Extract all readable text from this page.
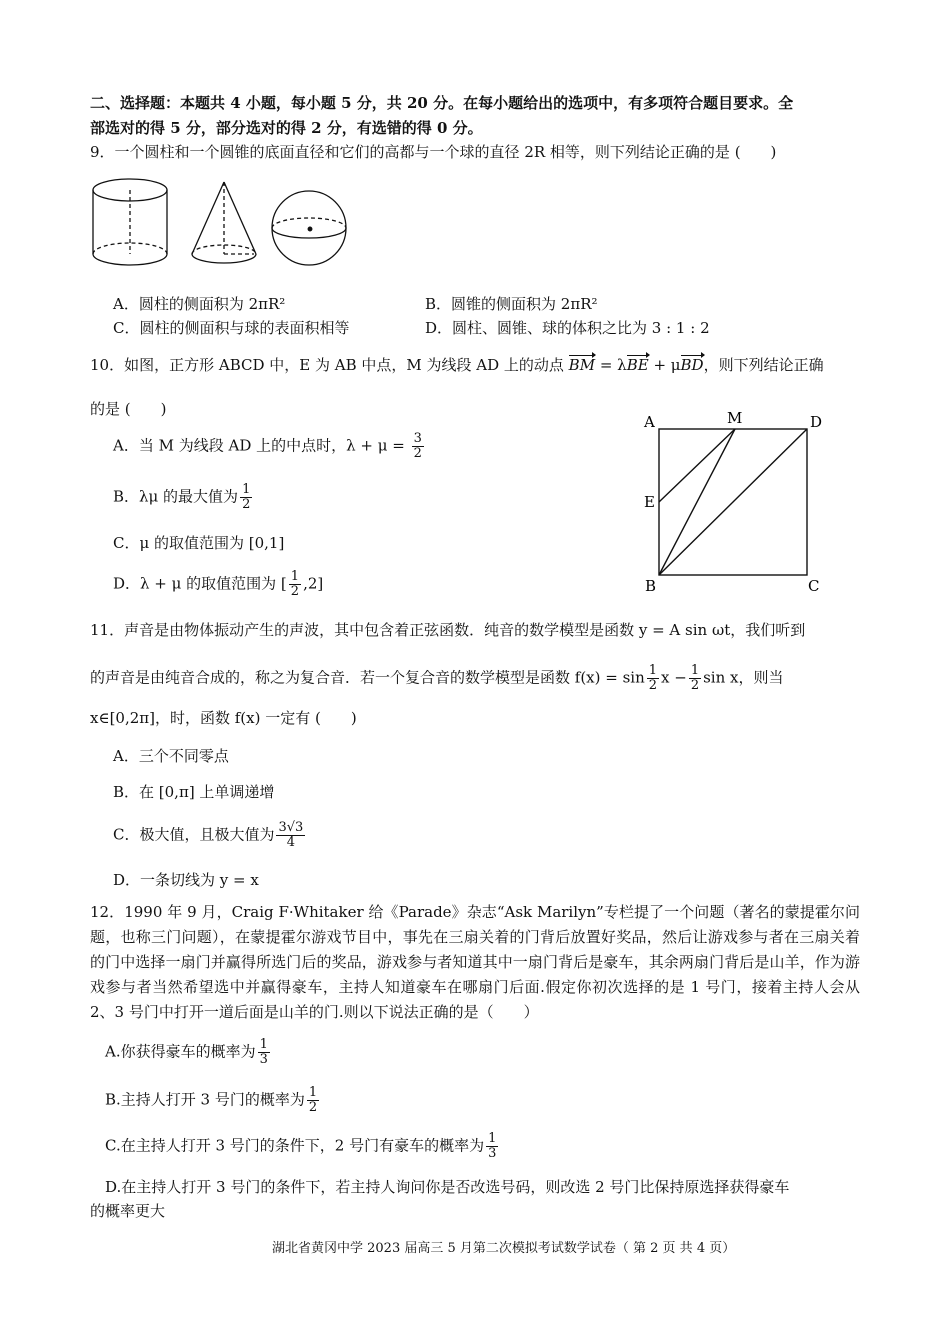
二、选择题：本题共 4 小题，每小题 5 分，共 20 分。在每小题给出的选项中，有多项符合题目要求。全
部选对的得 5 分，部分选对的得 2 分，有选错的得 0 分。
9．一个圆柱和一个圆锥的底面直径和它们的高都与一个球的直径 2R 相等，则下列结论正确的是 (　　)
A．圆柱的侧面积为 2πR²	B．圆锥的侧面积为 2πR²
C．圆柱的侧面积与球的表面积相等	D．圆柱、圆锥、球的体积之比为 3 : 1 : 2
10．如图，正方形 ABCD 中，E 为 AB 中点，M 为线段 AD 上的动点 BM = λBE + μBD，则下列结论正确
的是 (　　)
A．当 M 为线段 AD 上的中点时，$\lambda + \mu = \frac{3}{2}$
B．λμ 的最大值为 $\frac{1}{2}$
C．μ 的取值范围为 [0,1]
D．λ + μ 的取值范围为 [ $\frac{1}{2} ,2$]
A	M	D
E
B	C
11．声音是由物体振动产生的声波，其中包含着正弦函数．纯音的数学模型是函数 y = A sin ωt，我们听到
的声音是由纯音合成的，称之为复合音．若一个复合音的数学模型是函数 $f(x) = \sin \frac{1}{2}$ $x - \frac{1}{2}$ sin x，则当
x∈[0,2π]，时，函数 f(x) 一定有 (　　)
A．三个不同零点
B．在 [0,π] 上单调递增
C．极大值，且极大值为 $\frac{3√3}{4}$
D．一条切线为 y = x
12．1990 年 9 月，Craig F·Whitaker 给《Parade》杂志“Ask Marilyn”专栏提了一个问题（著名的蒙提霍尔问题，也称三门问题），在蒙提霍尔游戏节目中，事先在三扇关着的门背后放置好奖品，然后让游戏参与者在三扇关着的门中选择一扇门并赢得所选门后的奖品，游戏参与者知道其中一扇门背后是豪车，其余两扇门背后是山羊，作为游戏参与者当然希望选中并赢得豪车，主持人知道豪车在哪扇门后面.假定你初次选择的是 1 号门，接着主持人会从 2、3 号门中打开一道后面是山羊的门.则以下说法正确的是（　　）
A.你获得豪车的概率为 $\frac{1}{3}$
B.主持人打开 3 号门的概率为 $\frac{1}{2}$
C.在主持人打开 3 号门的条件下，2 号门有豪车的概率为 $\frac{1}{3}$
D.在主持人打开 3 号门的条件下，若主持人询问你是否改选号码，则改选 2 号门比保持原选择获得豪车
的概率更大
湖北省黄冈中学 2023 届高三 5 月第二次模拟考试数学试卷（ 第 2 页 共 4 页）
